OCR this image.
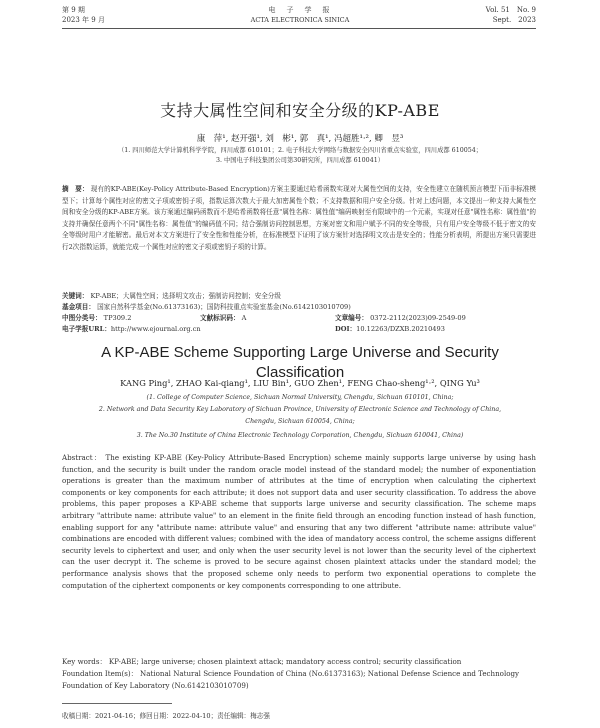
第 9 期
2023 年 9 月
电　子　学　报
ACTA ELECTRONICA SINICA
Vol. 51　No. 9
Sept.　2023
支持大属性空间和安全分级的KP-ABE
康　萍¹, 赵开强¹, 刘　彬¹, 郭　真¹, 冯超胜¹·², 卿　昱³
（1. 四川师范大学计算机科学学院，四川成都 610101；2. 电子科技大学网络与数据安全四川省重点实验室，四川成都 610054；
3. 中国电子科技集团公司第30研究所，四川成都 610041）
摘　要： 现有的KP-ABE(Key-Policy Attribute-Based Encryption)方案主要通过哈希函数实现对大属性空间的支持，安全性建立在随机预言模型下而非标准模型下；计算每个属性对应的密文子项或密钥子项，指数运算次数大于最大加密属性个数；不支持数据和用户安全分级。针对上述问题，本文提出一种支持大属性空间和安全分级的KP-ABE方案。该方案通过编码函数而不是哈希函数将任意"属性名称：属性值"编码映射至有限域中的一个元素，实现对任意"属性名称：属性值"的支持并确保任意两个不同"属性名称：属性值"的编码值不同；结合强制访问控制思想，方案对密文和用户赋予不同的安全等级，只有用户安全等级不低于密文的安全等级时用户才能解密。最后对本文方案进行了安全性和性能分析，在标准模型下证明了该方案针对选择明文攻击是安全的；性能分析表明，所提出方案只需要进行2次指数运算，就能完成一个属性对应的密文子项或密钥子项的计算。
关键词： KP-ABE；大属性空间；选择明文攻击；强制访问控制；安全分级
基金项目： 国家自然科学基金(No.61373163)；国防科技重点实验室基金(No.6142103010709)
中图分类号： TP309.2	文献标识码： A	文章编号： 0372-2112(2023)09-2549-09
A KP-ABE Scheme Supporting Large Universe and Security Classification
电子学报URL：http://www.ejournal.org.cn	DOI：10.12263/DZXB.20210493
KANG Ping¹, ZHAO Kai-qiang¹, LIU Bin¹, GUO Zhen¹, FENG Chao-sheng¹·², QING Yu³
(1. College of Computer Science, Sichuan Normal University, Chengdu, Sichuan 610101, China;
2. Network and Data Security Key Laboratory of Sichuan Province, University of Electronic Science and Technology of China,
Chengdu, Sichuan 610054, China;
3. The No.30 Institute of China Electronic Technology Corporation, Chengdu, Sichuan 610041, China)
Abstract： The existing KP-ABE (Key-Policy Attribute-Based Encryption) scheme mainly supports large universe by using hash function, and the security is built under the random oracle model instead of the standard model; the number of exponentiation operations is greater than the maximum number of attributes at the time of encryption when calculating the ciphertext components or key components for each attribute; it does not support data and user security classification. To address the above problems, this paper proposes a KP-ABE scheme that supports large universe and security classification. The scheme maps arbitrary "attribute name: attribute value" to an element in the finite field through an encoding function instead of hash function, enabling support for any "attribute name: attribute value" and ensuring that any two different "attribute name: attribute value" combinations are encoded with different values; combined with the idea of mandatory access control, the scheme assigns different security levels to ciphertext and user, and only when the user security level is not lower than the security level of the ciphertext can the user decrypt it. The scheme is proved to be secure against chosen plaintext attacks under the standard model; the performance analysis shows that the proposed scheme only needs to perform two exponential operations to complete the computation of the ciphertext components or key components corresponding to one attribute.
Key words： KP-ABE; large universe; chosen plaintext attack; mandatory access control; security classification
Foundation Item(s)： National Natural Science Foundation of China (No.61373163); National Defense Science and Technology Foundation of Key Laboratory (No.6142103010709)
收稿日期：2021-04-16；修回日期：2022-04-10；责任编辑：梅志强
